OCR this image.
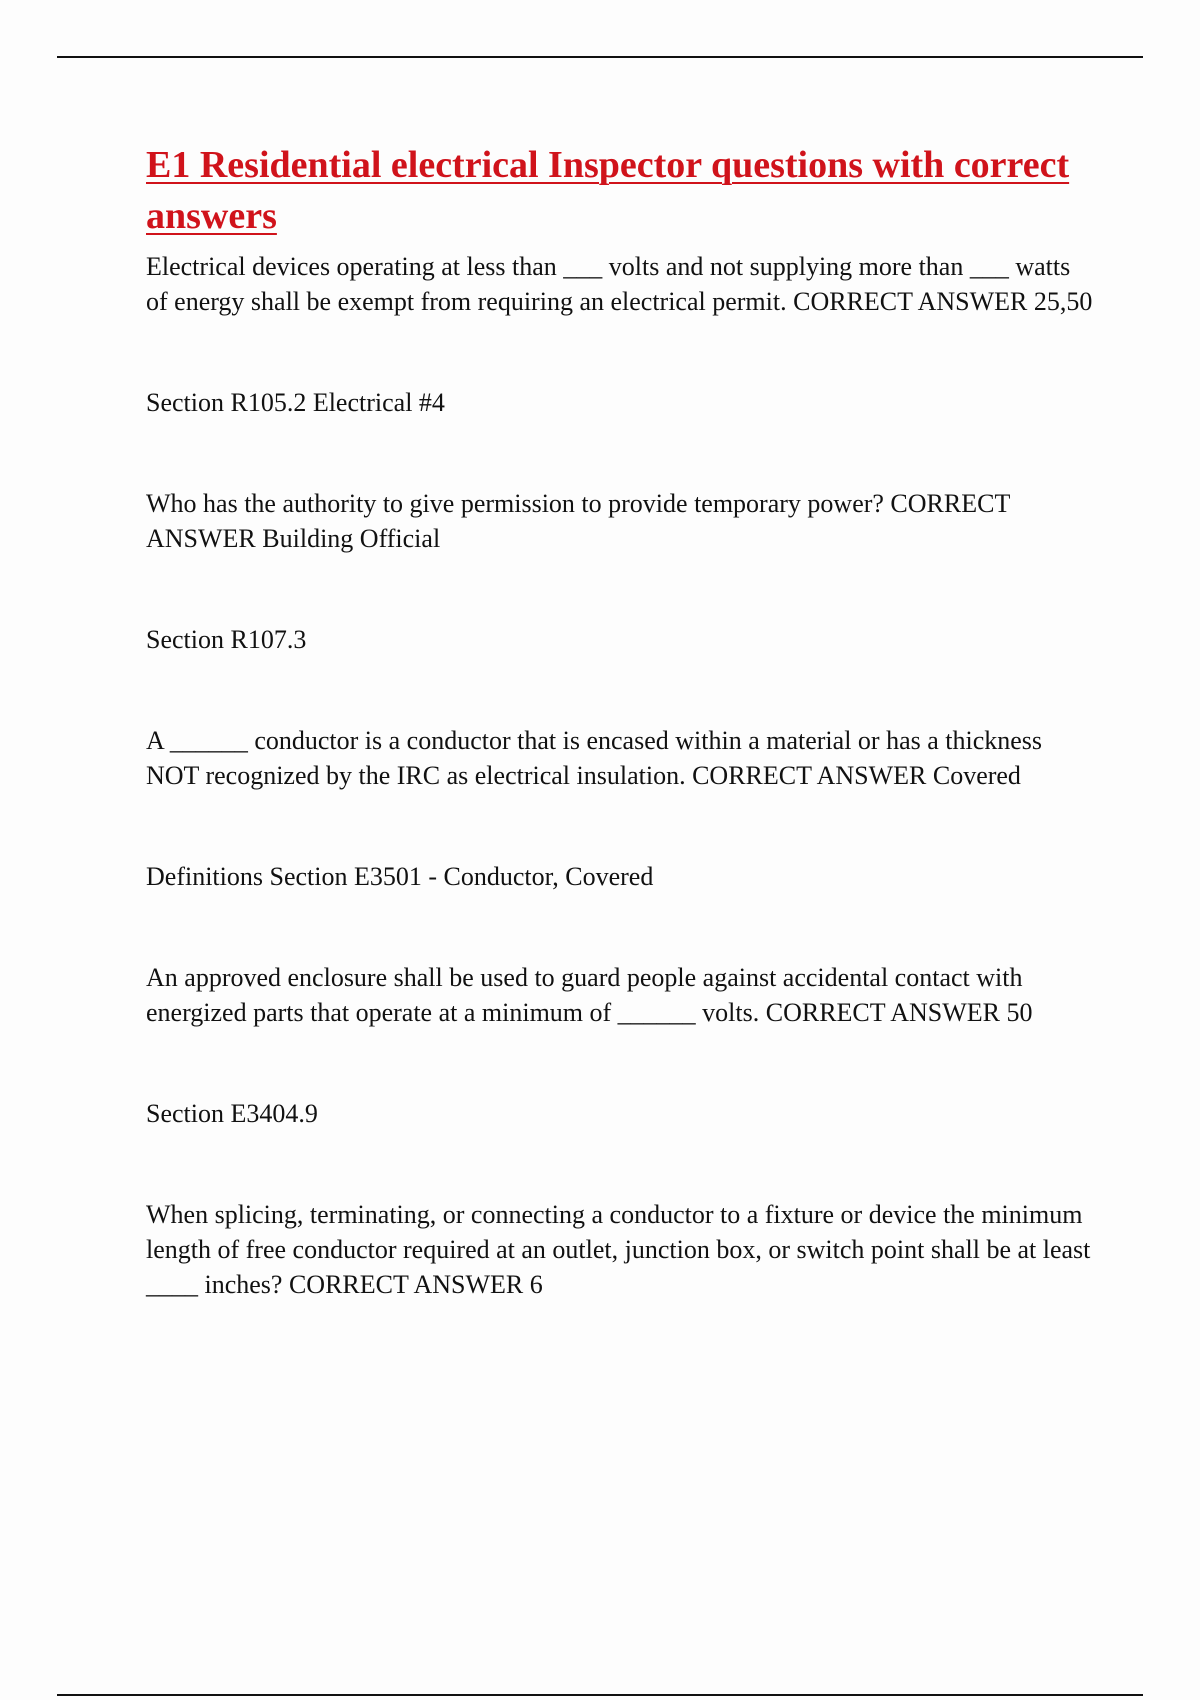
E1 Residential electrical Inspector questions with correct answers

Electrical devices operating at less than ___ volts and not supplying more than ___ watts of energy shall be exempt from requiring an electrical permit. CORRECT ANSWER 25,50

Section R105.2 Electrical #4

Who has the authority to give permission to provide temporary power? CORRECT ANSWER Building Official

Section R107.3

A ______ conductor is a conductor that is encased within a material or has a thickness NOT recognized by the IRC as electrical insulation. CORRECT ANSWER Covered

Definitions Section E3501 - Conductor, Covered

An approved enclosure shall be used to guard people against accidental contact with energized parts that operate at a minimum of ______ volts. CORRECT ANSWER 50

Section E3404.9

When splicing, terminating, or connecting a conductor to a fixture or device the minimum length of free conductor required at an outlet, junction box, or switch point shall be at least ____ inches? CORRECT ANSWER 6
